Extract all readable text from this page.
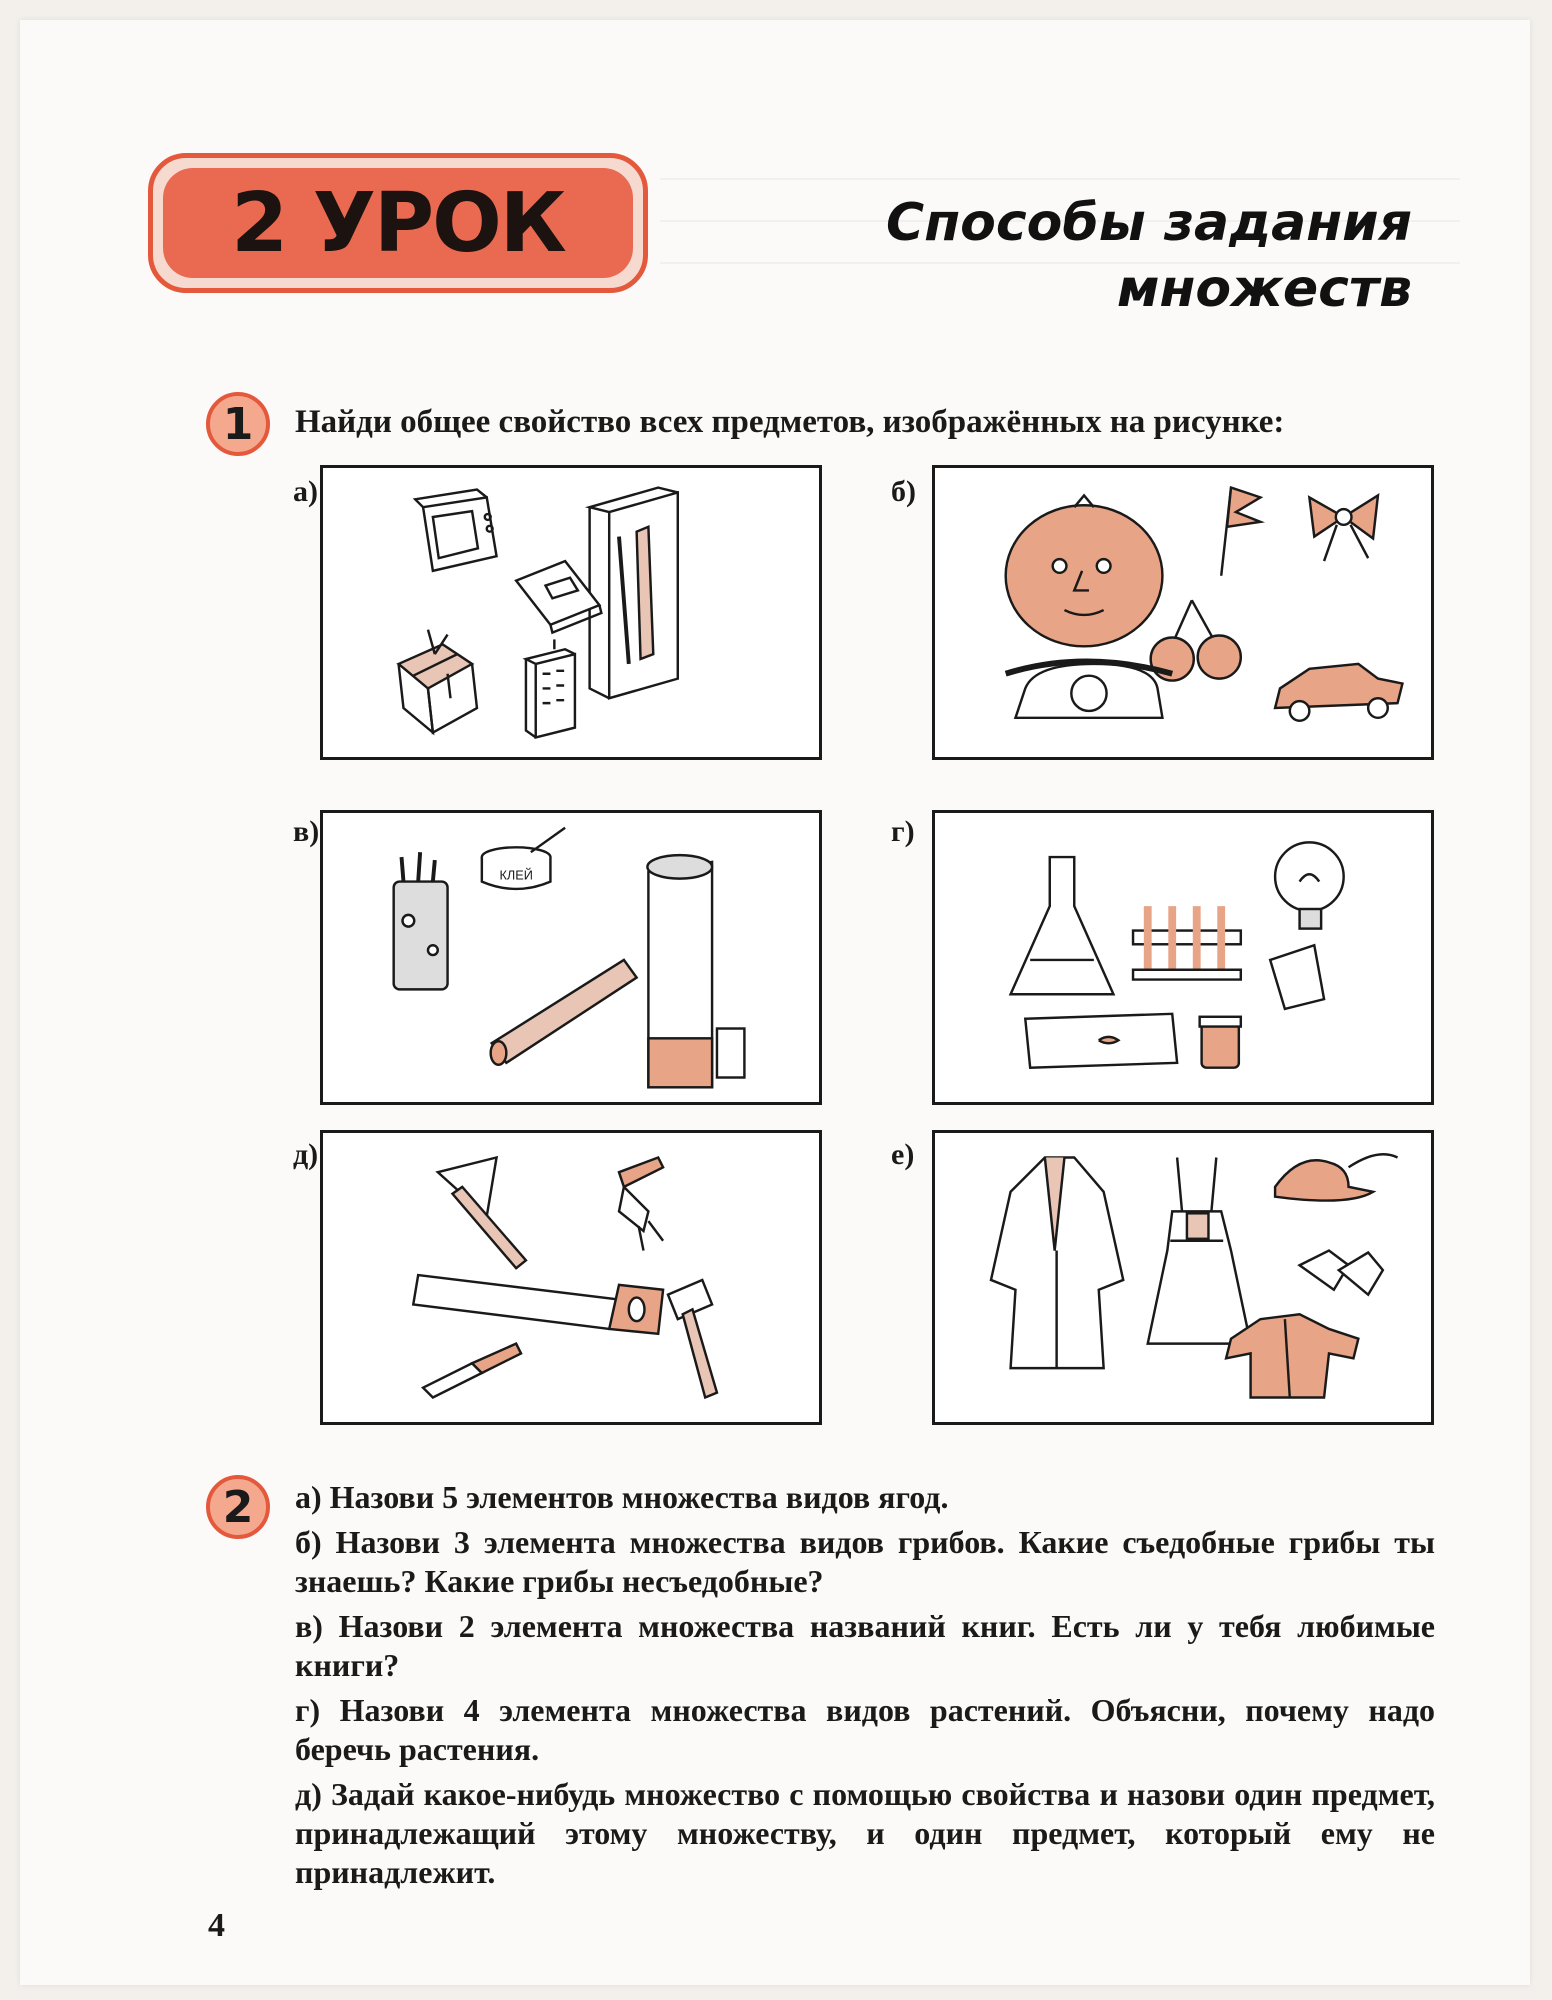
2 УРОК	Способы задания
множеств
1	Найди общее свойство всех предметов, изображённых на рисунке:
а)	б)
в)
КЛЕЙ
г)
д)	е)
2	а) Назови 5 элементов множества видов ягод.

б) Назови 3 элемента множества видов грибов. Какие съедобные грибы ты знаешь? Какие грибы несъедобные?

в) Назови 2 элемента множества названий книг. Есть ли у тебя любимые книги?

г) Назови 4 элемента множества видов растений. Объясни, почему надо беречь растения.

д) Задай какое-нибудь множество с помощью свойства и назови один предмет, принадлежащий этому множеству, и один предмет, который ему не принадлежит.

4
